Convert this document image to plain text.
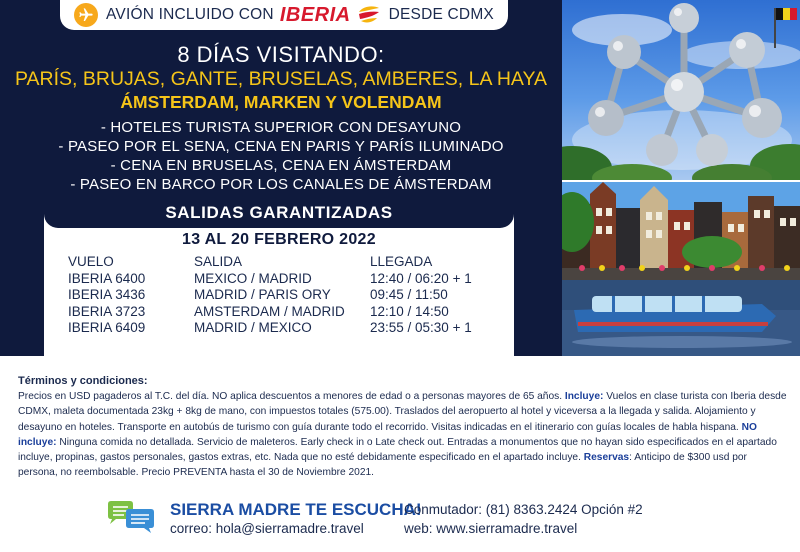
AVIÓN INCLUIDO CON IBERIA DESDE CDMX
8 DÍAS VISITANDO:
PARÍS, BRUJAS, GANTE, BRUSELAS, AMBERES, LA HAYA
ÁMSTERDAM, MARKEN Y VOLENDAM
- HOTELES TURISTA SUPERIOR CON DESAYUNO
- PASEO POR EL SENA, CENA EN PARIS Y PARÍS ILUMINADO
- CENA EN BRUSELAS, CENA EN ÁMSTERDAM
- PASEO EN BARCO POR LOS CANALES DE ÁMSTERDAM
SALIDAS GARANTIZADAS
13 AL 20 FEBRERO 2022
VUELO	SALIDA	LLEGADA
IBERIA 6400	MEXICO / MADRID	12:40 / 06:20 + 1
IBERIA 3436	MADRID / PARIS ORY	09:45 / 11:50
IBERIA 3723	AMSTERDAM / MADRID	12:10 / 14:50
IBERIA 6409	MADRID / MEXICO	23:55 / 05:30 + 1
Términos y condiciones:
Precios en USD pagaderos al T.C. del día. NO aplica descuentos a menores de edad o a personas mayores de 65 años. Incluye: Vuelos en clase turista con Iberia desde CDMX, maleta documentada 23kg + 8kg de mano, con impuestos totales (575.00). Traslados del aeropuerto al hotel y viceversa a la llegada y salida. Alojamiento y desayuno en hoteles. Transporte en autobús de turismo con guía durante todo el recorrido. Visitas indicadas en el itinerario con guías locales de habla hispana. NO incluye: Ninguna comida no detallada. Servicio de maleteros. Early check in o Late check out. Entradas a monumentos que no hayan sido especificados en el apartado incluye, propinas, gastos personales, gastos extras, etc. Nada que no esté debidamente especificado en el apartado incluye. Reservas: Anticipo de $300 usd por persona, no reembolsable. Precio PREVENTA hasta el 30 de Noviembre 2021.
SIERRA MADRE TE ESCUCHA!
Conmutador: (81) 8363.2424 Opción #2
correo: hola@sierramadre.travel	web: www.sierramadre.travel
